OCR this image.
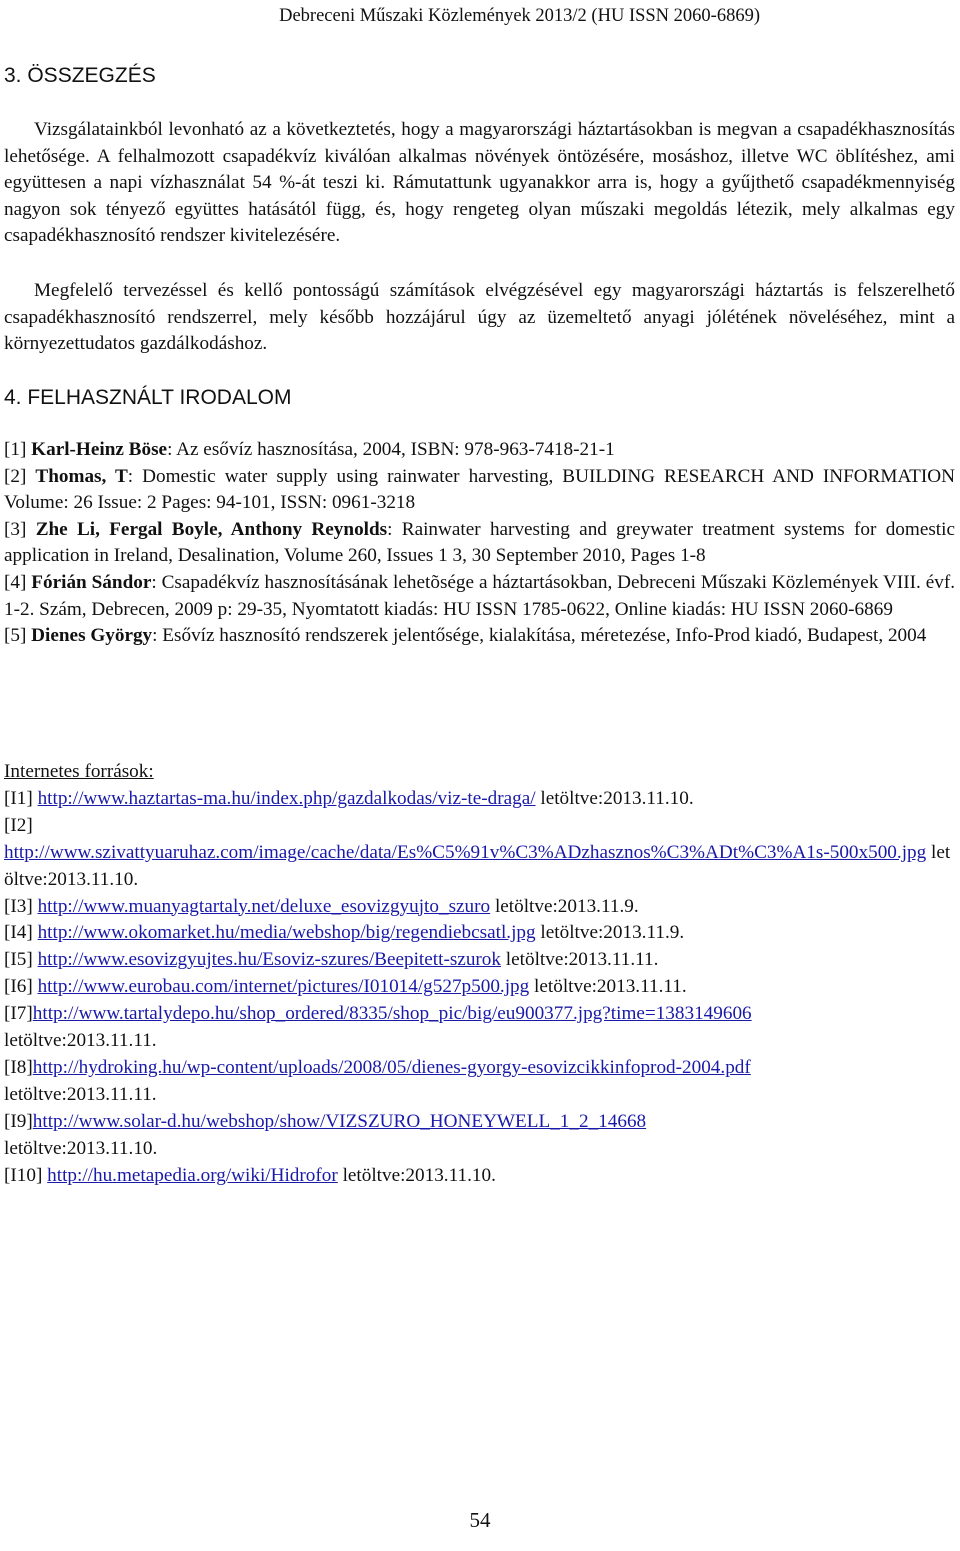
Debreceni Műszaki Közlemények 2013/2 (HU ISSN 2060-6869)
3. ÖSSZEGZÉS

Vizsgálatainkból levonható az a következtetés, hogy a magyarországi háztartásokban is megvan a csapadékhasznosítás lehetősége. A felhalmozott csapadékvíz kiválóan alkalmas növények öntözésére, mosáshoz, illetve WC öblítéshez, ami együttesen a napi vízhasználat 54 %-át teszi ki. Rámutattunk ugyanakkor arra is, hogy a gyűjthető csapadékmennyiség nagyon sok tényező együttes hatásától függ, és, hogy rengeteg olyan műszaki megoldás létezik, mely alkalmas egy csapadékhasznosító rendszer kivitelezésére.

Megfelelő tervezéssel és kellő pontosságú számítások elvégzésével egy magyarországi háztartás is felszerelhető csapadékhasznosító rendszerrel, mely később hozzájárul úgy az üzemeltető anyagi jólétének növeléséhez, mint a környezettudatos gazdálkodáshoz.

4. FELHASZNÁLT IRODALOM

[1] Karl-Heinz Böse: Az esővíz hasznosítása, 2004, ISBN: 978-963-7418-21-1

[2] Thomas, T: Domestic water supply using rainwater harvesting, BUILDING RESEARCH AND INFORMATION Volume: 26 Issue: 2 Pages: 94-101, ISSN: 0961-3218

[3] Zhe Li, Fergal Boyle, Anthony Reynolds: Rainwater harvesting and greywater treatment systems for domestic application in Ireland, Desalination, Volume 260, Issues 1 3, 30 September 2010, Pages 1-8

[4] Fórián Sándor: Csapadékvíz hasznosításának lehetõsége a háztartásokban, Debreceni Műszaki Közlemények VIII. évf. 1-2. Szám, Debrecen, 2009 p: 29-35, Nyomtatott kiadás: HU ISSN 1785-0622, Online kiadás: HU ISSN 2060-6869

[5] Dienes György: Esővíz hasznosító rendszerek jelentősége, kialakítása, méretezése, Info-Prod kiadó, Budapest, 2004

Internetes források:

[I1] http://www.haztartas-ma.hu/index.php/gazdalkodas/viz-te-draga/ letöltve:2013.11.10.

[I2]
http://www.szivattyuaruhaz.com/image/cache/data/Es%C5%91v%C3%ADzhasznos%C3%ADt%C3%A1s-500x500.jpg letöltve:2013.11.10.

[I3] http://www.muanyagtartaly.net/deluxe_esovizgyujto_szuro letöltve:2013.11.9.

[I4] http://www.okomarket.hu/media/webshop/big/regendiebcsatl.jpg letöltve:2013.11.9.

[I5] http://www.esovizgyujtes.hu/Esoviz-szures/Beepitett-szurok letöltve:2013.11.11.

[I6] http://www.eurobau.com/internet/pictures/I01014/g527p500.jpg letöltve:2013.11.11.

[I7]http://www.tartalydepo.hu/shop_ordered/8335/shop_pic/big/eu900377.jpg?time=1383149606
letöltve:2013.11.11.

[I8]http://hydroking.hu/wp-content/uploads/2008/05/dienes-gyorgy-esovizcikkinfoprod-2004.pdf
letöltve:2013.11.11.

[I9]http://www.solar-d.hu/webshop/show/VIZSZURO_HONEYWELL_1_2_14668
letöltve:2013.11.10.

[I10] http://hu.metapedia.org/wiki/Hidrofor letöltve:2013.11.10.

54
